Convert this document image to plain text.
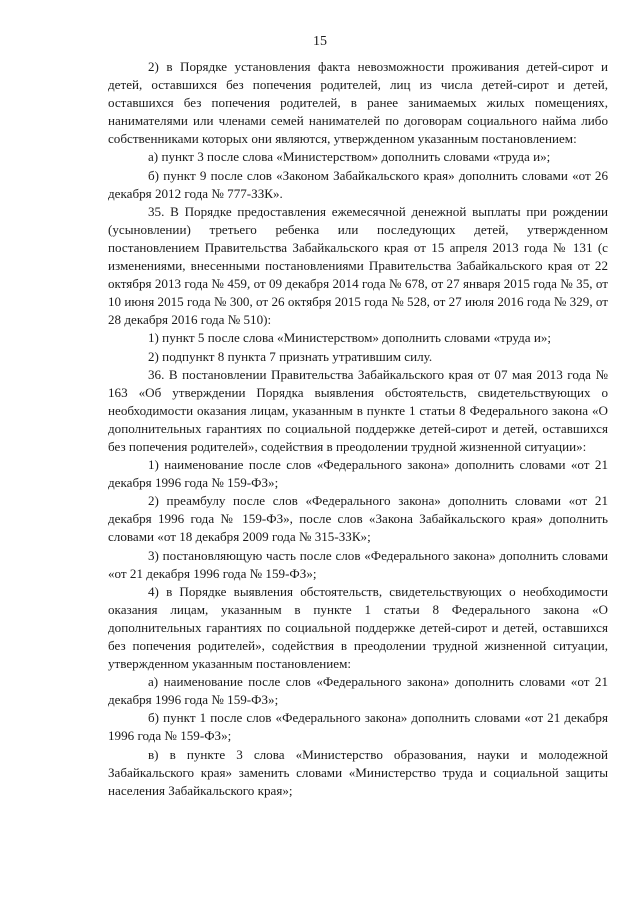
15

2) в Порядке установления факта невозможности проживания детей-сирот и детей, оставшихся без попечения родителей, лиц из числа детей-сирот и детей, оставшихся без попечения родителей, в ранее занимаемых жилых помещениях, нанимателями или членами семей нанимателей по договорам социального найма либо собственниками которых они являются, утвержденном указанным постановлением:

а) пункт 3 после слова «Министерством» дополнить словами «труда и»;

б) пункт 9 после слов «Законом Забайкальского края» дополнить словами «от 26 декабря 2012 года № 777-ЗЗК».

35. В Порядке предоставления ежемесячной денежной выплаты при рождении (усыновлении) третьего ребенка или последующих детей, утвержденном постановлением Правительства Забайкальского края от 15 апреля 2013 года № 131 (с изменениями, внесенными постановлениями Правительства Забайкальского края от 22 октября 2013 года № 459, от 09 декабря 2014 года № 678, от 27 января 2015 года № 35, от 10 июня 2015 года № 300, от 26 октября 2015 года № 528, от 27 июля 2016 года № 329, от 28 декабря 2016 года № 510):

1) пункт 5 после слова «Министерством» дополнить словами «труда и»;

2) подпункт 8 пункта 7 признать утратившим силу.

36. В постановлении Правительства Забайкальского края от 07 мая 2013 года № 163 «Об утверждении Порядка выявления обстоятельств, свидетельствующих о необходимости оказания лицам, указанным в пункте 1 статьи 8 Федерального закона «О дополнительных гарантиях по социальной поддержке детей-сирот и детей, оставшихся без попечения родителей», содействия в преодолении трудной жизненной ситуации»:

1) наименование после слов «Федерального закона» дополнить словами «от 21 декабря 1996 года № 159-ФЗ»;

2) преамбулу после слов «Федерального закона» дополнить словами «от 21 декабря 1996 года № 159-ФЗ», после слов «Закона Забайкальского края» дополнить словами «от 18 декабря 2009 года № 315-ЗЗК»;

3) постановляющую часть после слов «Федерального закона» дополнить словами «от 21 декабря 1996 года № 159-ФЗ»;

4) в Порядке выявления обстоятельств, свидетельствующих о необходимости оказания лицам, указанным в пункте 1 статьи 8 Федерального закона «О дополнительных гарантиях по социальной поддержке детей-сирот и детей, оставшихся без попечения родителей», содействия в преодолении трудной жизненной ситуации, утвержденном указанным постановлением:

а) наименование после слов «Федерального закона» дополнить словами «от 21 декабря 1996 года № 159-ФЗ»;

б) пункт 1 после слов «Федерального закона» дополнить словами «от 21 декабря 1996 года № 159-ФЗ»;

в) в пункте 3 слова «Министерство образования, науки и молодежной Забайкальского края» заменить словами «Министерство труда и социальной защиты населения Забайкальского края»;
